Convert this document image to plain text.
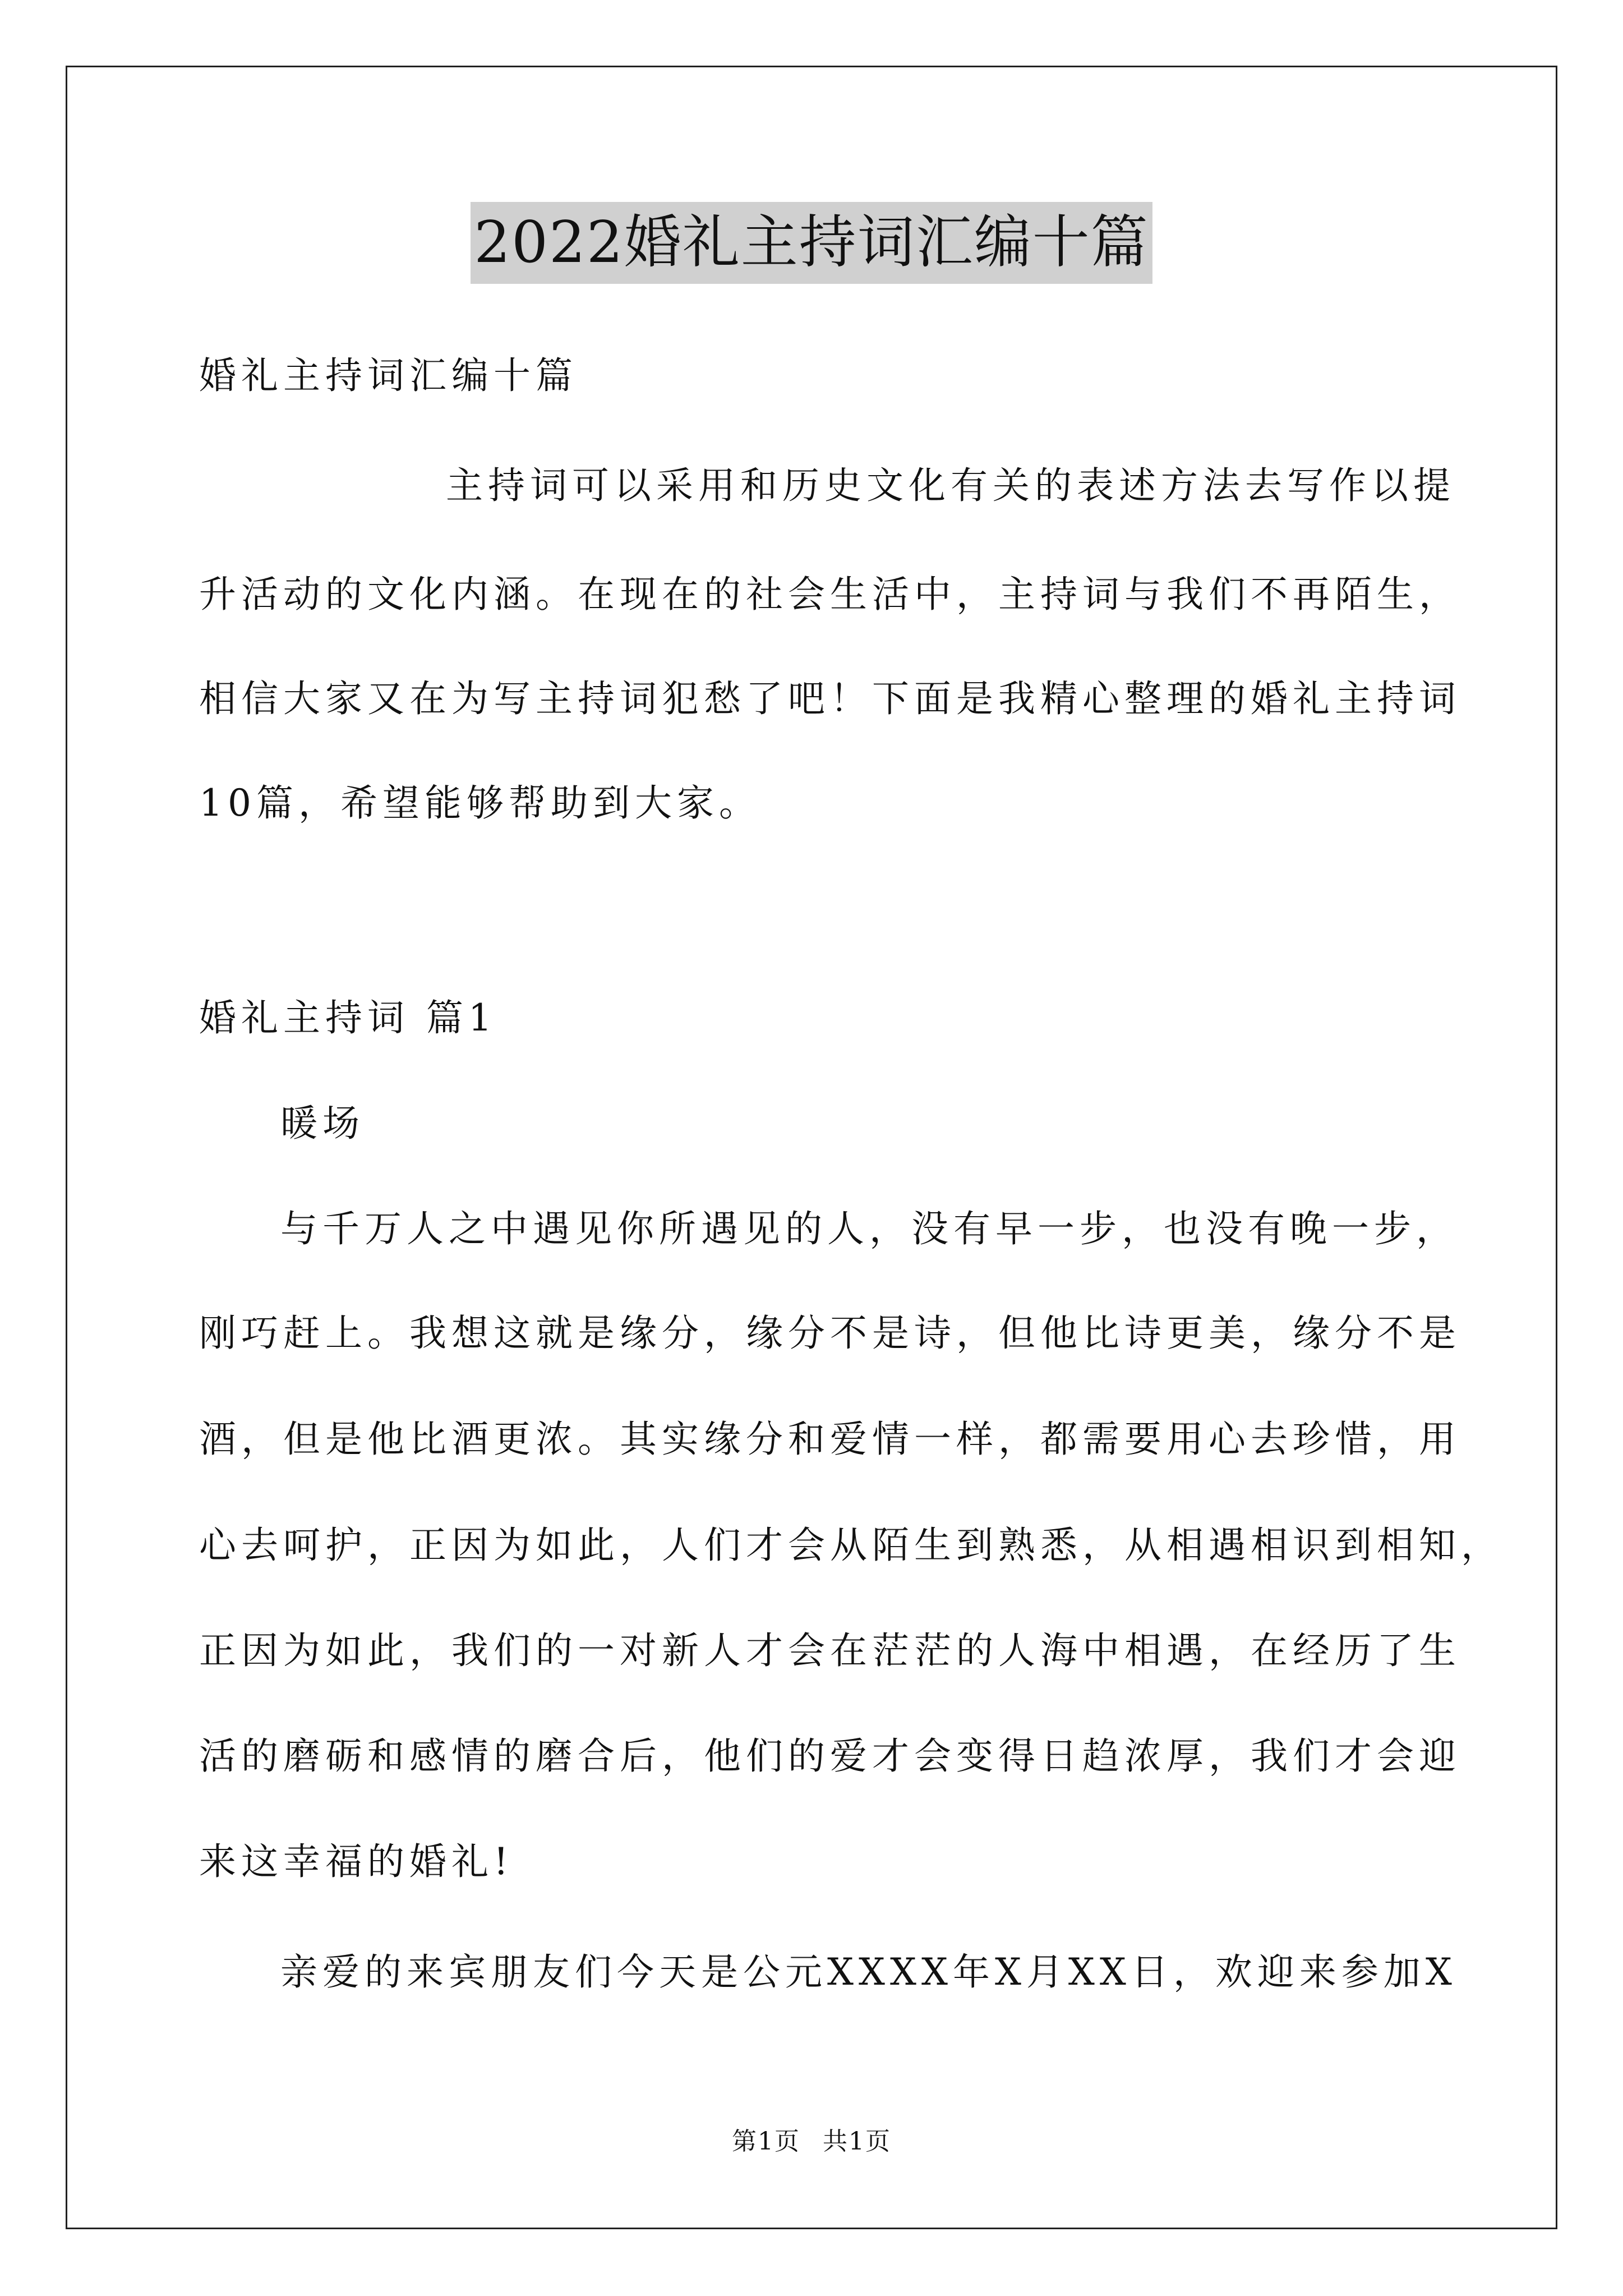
2022婚礼主持词汇编十篇
婚礼主持词汇编十篇
主持词可以采用和历史文化有关的表述方法去写作以提
升活动的文化内涵。在现在的社会生活中，主持词与我们不再陌生，
相信大家又在为写主持词犯愁了吧！下面是我精心整理的婚礼主持词
10篇，希望能够帮助到大家。
婚礼主持词 篇1
暖场
与千万人之中遇见你所遇见的人，没有早一步，也没有晚一步，
刚巧赶上。我想这就是缘分，缘分不是诗，但他比诗更美，缘分不是
酒，但是他比酒更浓。其实缘分和爱情一样，都需要用心去珍惜，用
心去呵护，正因为如此，人们才会从陌生到熟悉，从相遇相识到相知，
正因为如此，我们的一对新人才会在茫茫的人海中相遇，在经历了生
活的磨砺和感情的磨合后，他们的爱才会变得日趋浓厚，我们才会迎
来这幸福的婚礼!
亲爱的来宾朋友们今天是公元XXXX年X月XX日，欢迎来参加X
第1页 共1页
